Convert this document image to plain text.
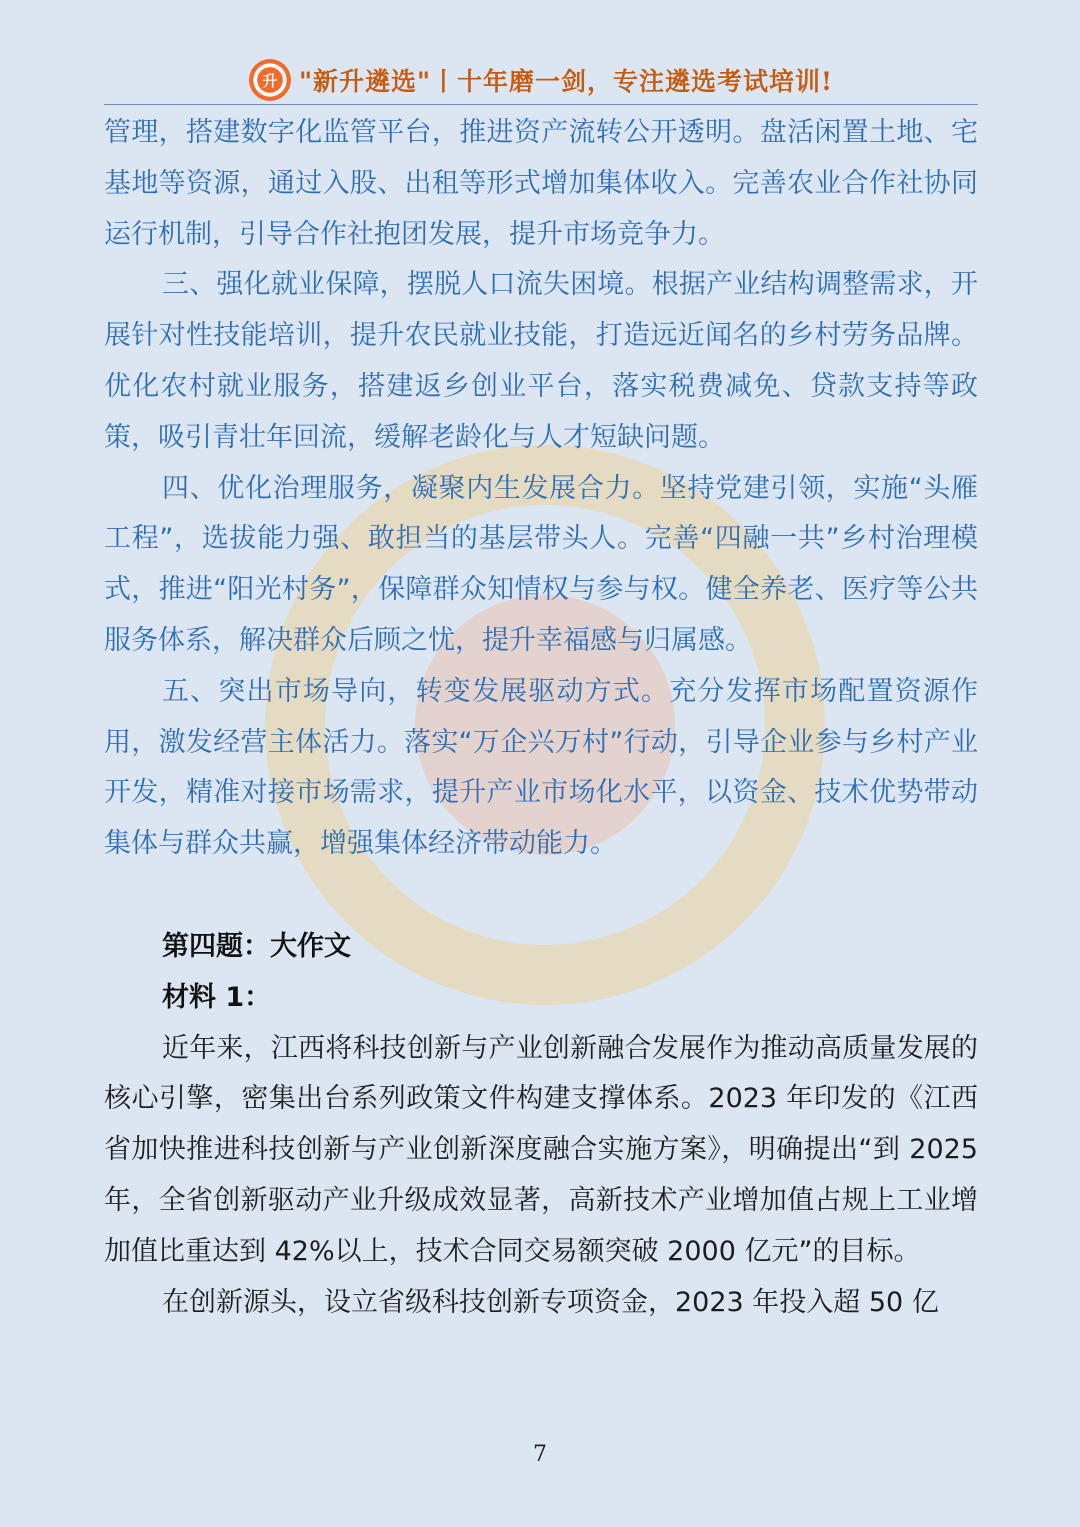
升 "新升遴选"丨十年磨一剑，专注遴选考试培训!

管理，搭建数字化监管平台，推进资产流转公开透明。盘活闲置土地、宅基地等资源，通过入股、出租等形式增加集体收入。完善农业合作社协同运行机制，引导合作社抱团发展，提升市场竞争力。

三、强化就业保障，摆脱人口流失困境。根据产业结构调整需求，开展针对性技能培训，提升农民就业技能，打造远近闻名的乡村劳务品牌。优化农村就业服务，搭建返乡创业平台，落实税费减免、贷款支持等政策，吸引青壮年回流，缓解老龄化与人才短缺问题。

四、优化治理服务，凝聚内生发展合力。坚持党建引领，实施“头雁工程”，选拔能力强、敢担当的基层带头人。完善“四融一共”乡村治理模式，推进“阳光村务”，保障群众知情权与参与权。健全养老、医疗等公共服务体系，解决群众后顾之忧，提升幸福感与归属感。

五、突出市场导向，转变发展驱动方式。充分发挥市场配置资源作用，激发经营主体活力。落实“万企兴万村”行动，引导企业参与乡村产业开发，精准对接市场需求，提升产业市场化水平，以资金、技术优势带动集体与群众共赢，增强集体经济带动能力。

第四题：大作文

材料 1：

近年来，江西将科技创新与产业创新融合发展作为推动高质量发展的核心引擎，密集出台系列政策文件构建支撑体系。2023 年印发的《江西省加快推进科技创新与产业创新深度融合实施方案》，明确提出“到 2025 年，全省创新驱动产业升级成效显著，高新技术产业增加值占规上工业增加值比重达到 42%以上，技术合同交易额突破 2000 亿元”的目标。

在创新源头，设立省级科技创新专项资金，2023 年投入超 50 亿

7
